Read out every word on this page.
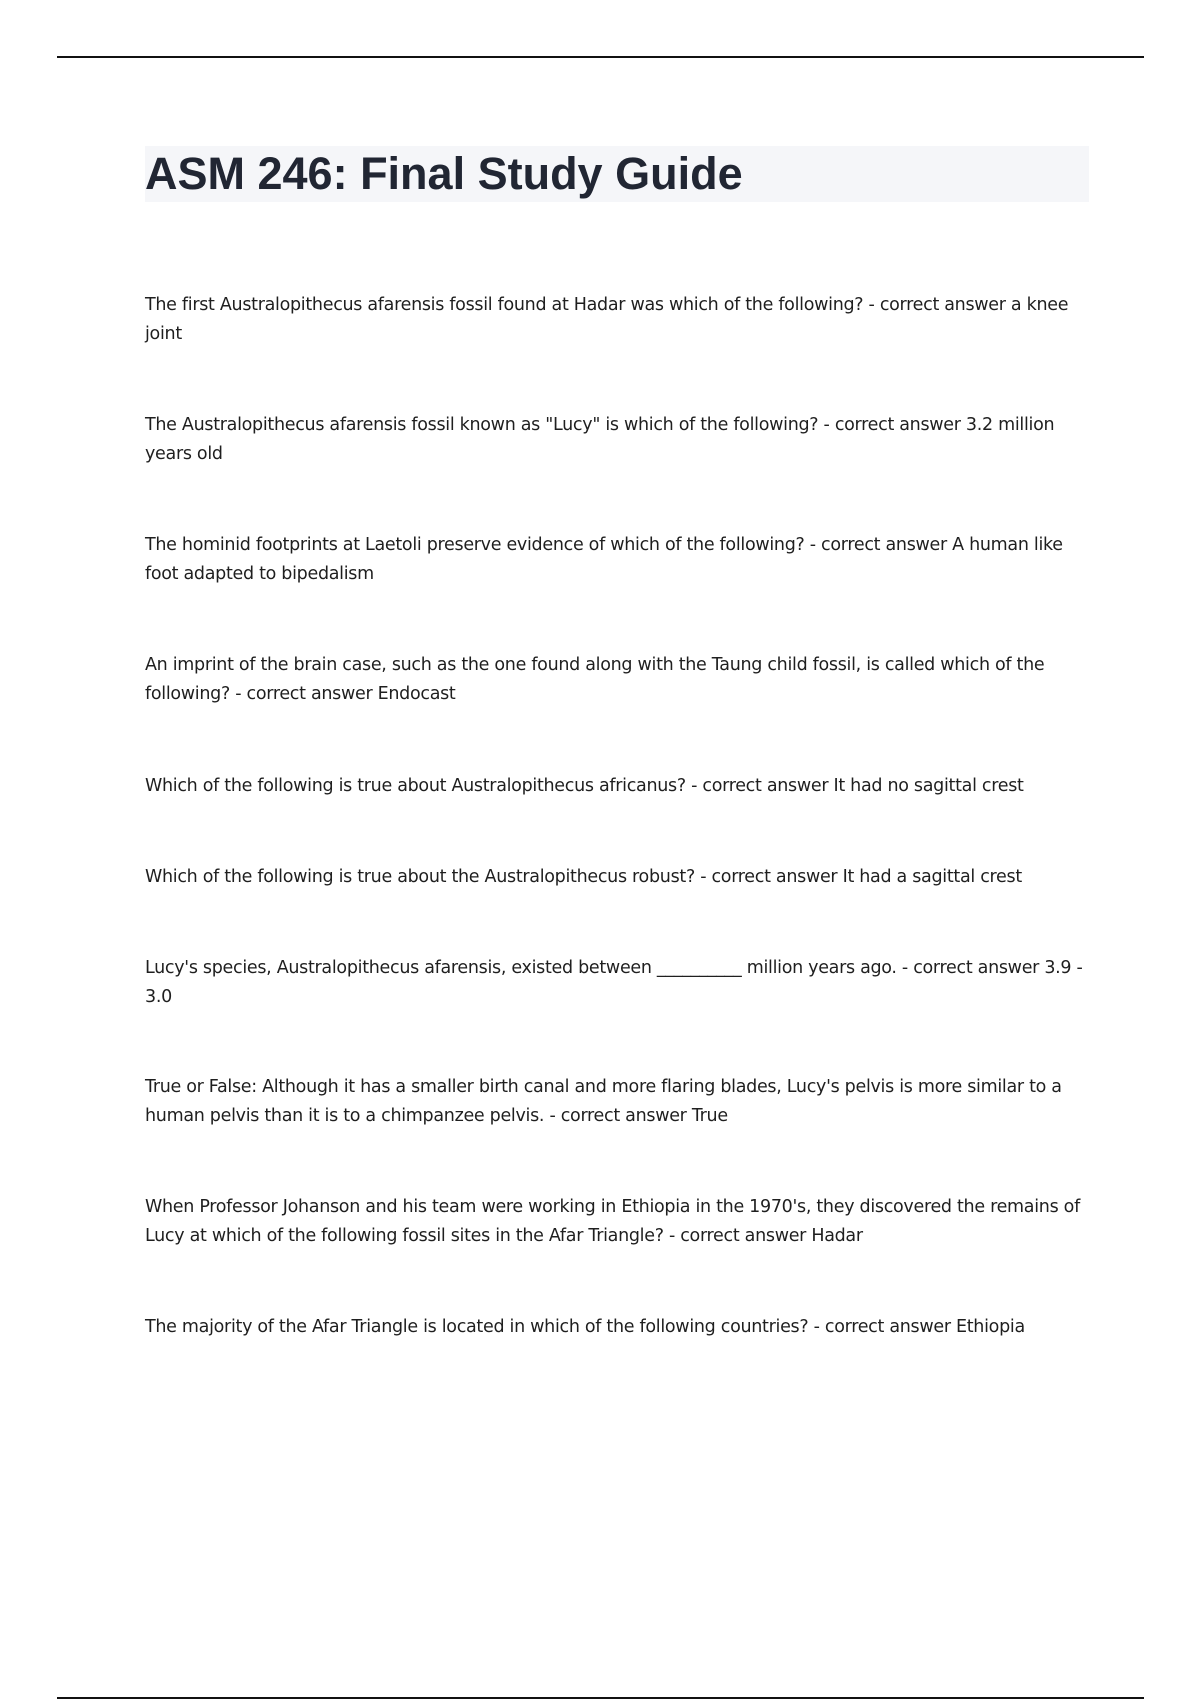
ASM 246: Final Study Guide

The first Australopithecus afarensis fossil found at Hadar was which of the following? - correct answer a knee joint

The Australopithecus afarensis fossil known as "Lucy" is which of the following? - correct answer 3.2 million years old

The hominid footprints at Laetoli preserve evidence of which of the following? - correct answer A human like foot adapted to bipedalism

An imprint of the brain case, such as the one found along with the Taung child fossil, is called which of the following? - correct answer Endocast

Which of the following is true about Australopithecus africanus? - correct answer It had no sagittal crest

Which of the following is true about the Australopithecus robust? - correct answer It had a sagittal crest

Lucy's species, Australopithecus afarensis, existed between __________ million years ago. - correct answer 3.9 - 3.0

True or False: Although it has a smaller birth canal and more flaring blades, Lucy's pelvis is more similar to a human pelvis than it is to a chimpanzee pelvis. - correct answer True

When Professor Johanson and his team were working in Ethiopia in the 1970's, they discovered the remains of Lucy at which of the following fossil sites in the Afar Triangle? - correct answer Hadar

The majority of the Afar Triangle is located in which of the following countries? - correct answer Ethiopia
